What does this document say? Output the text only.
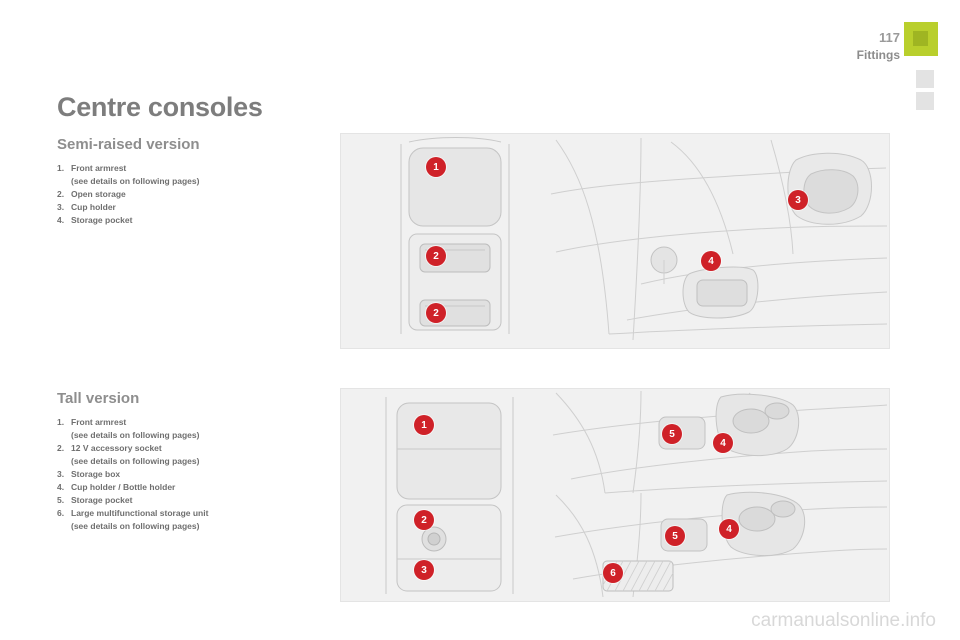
117
Fittings
Centre consoles
Semi-raised version
Tall version
1. Front armrest
(see details on following pages)
2. Open storage
3. Cup holder
4. Storage pocket
1. Front armrest
(see details on following pages)
2. 12 V accessory socket
(see details on following pages)
3. Storage box
4. Cup holder / Bottle holder
5. Storage pocket
6. Large multifunctional storage unit
(see details on following pages)
1
2
2
3
4
1
2
3
5
4
5
4
6
carmanualsonline.info
